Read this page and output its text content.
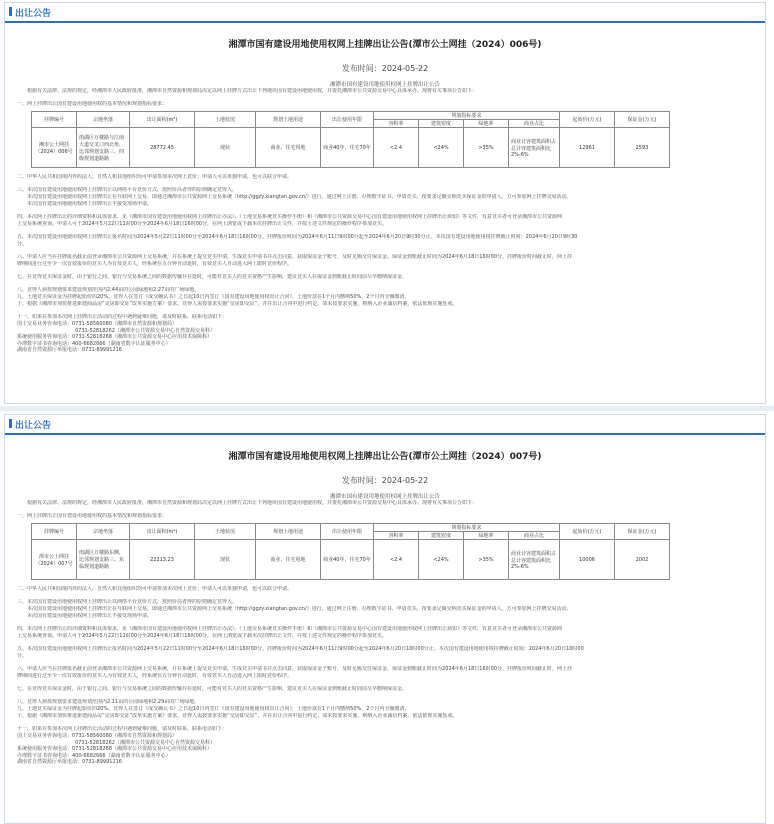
出让公告
湘潭市国有建设用地使用权网上挂牌出让公告(潭市公土网挂（2024）006号)
发布时间：2024-05-22
湘潭市国有建设用地使用权网上挂牌出让公告
根据有关法律、法规的规定，经湘潭市人民政府批准，湘潭市自然资源和规划局决定以网上挂牌方式出让下列地块国有建设用地使用权，并委托湘潭市公共资源交易中心具体承办。现将有关事项公告如下：
一、网上挂牌出让国有建设用地使用权的基本情况和规划指标要求：
挂牌编号	宗地坐落	出让面积(m²)	土地状况	规划土地用途	出让使用年限	规划指标要求				起始价(万元)	保证金(万元)
						容积率	建筑密度	绿地率	商业占比		
湘市公土网挂（2024）006号	雨湖区万楼路与江南大道交叉口西北角，比邻规划支路三、四级规划道路路	28772.45	现状	商业、住宅用地	商业40年，住宅70年	<2.4	<24%	>35%	商业计容建筑面积占总计容建筑面积比2%-6%	12961	2593
二、中华人民共和国境内外的法人、自然人和其他组织均可申请参加本次网上竞价；申请人可以单独申请，也可以联合申请。
三、本次国有建设用地使用权网上挂牌出让以网络平台竞价方式，按照价高者得的原则确定竞得人。
本次国有建设用地使用权网上挂牌出让在互联网上交易，即通过湘潭市公共资源网上交易系统（http://ggzy.xiangtan.gov.cn/）进行。通过网上注册、办理数字证书、申请竞买、按要求足额交纳竞买保证金的申请人，方可参加网上挂牌交易活动。
本次国有建设用地使用权网上挂牌出让不接受现场申请。
四、本次网上挂牌出让的详细资料和具体要求，见《湘潭市国有建设用地使用权网上挂牌出让办法》、《土地交易系统竞买操作手册》和《湘潭市公共资源交易中心国有建设用地使用权网上挂牌出让须知》等文件，有意竞买者可登录湘潭市公共资源网
上交易系统查询。申请人可于2024年5月22日11时00分至2024年6月18日16时00分，在网上浏览或下载本次挂牌出让文件，并按上述文件规定的操作程序参加竞买。
五、本次国有建设用地使用权网上挂牌出让报名时间为2024年5月22日11时00分至2024年6月18日16时00分。挂牌报价时间为2024年6月11日9时00分起至2024年6月20日9时30分止。本次国有建设用地使用权挂牌截止时间：2024年6月20日9时30
分。
六、申请人应当在挂牌报名截止前登录湘潭市公共资源网上交易系统，并在系统上提交竞买申请，生成竞买申请书并点击同意，获取保证金子账号，及时足额交付保证金。保证金到账截止时间为2024年6月18日16时00分。挂牌报价时间截止时，网上挂
牌期间进行过至少一次有效报价的竞买人为有效竞买人，经系统在五分钟自动延时，有效竞买人自动进入网上限时竞价程序。
七、在竞得竞买保证金时，由于银行之间、银行与交易系统之间的数据传输存在延时，可能对竞买人的竞买资格产生影响，建议竞买人在保证金到账截止时间前尽早缴纳保证金。
八、竞得人须按规划要求建设规划范围内2.44亩的公园绿地和2.27亩的广场绿地。
九、土地竞买保证金为挂牌起始价的20%。竞得人在签订《成交确认书》之日起10日内签订《国有建设用地使用权出让合同》，土地价款在1个月内缴纳50%，2个月内全额缴清。
十、根据《湘潭市加快推进新建商品房“交房即交证”改革实施方案》要求，竞得人需按要求实施“交房即交证”，并在出让合同中进行约定，如未按要求实施，则纳入企业诚信档案，依法依规实施惩戒。
十一、如果在参加本次网上挂牌出让活动的过程中遇到疑难问题，请及时联系，联系电话如下：
国土交易业务咨询电话：0731-58560080（湘潭市自然资源和规划局）
0731-52818262（湘潭市公共资源交易中心自然资源交易科）
系统使用服务咨询电话：0731-52818268（湘潭市公共资源交易中心应用技术保障科）
办理数字证书咨询电话：400-6682666（湖南省数字认证服务中心）
湖南省自然资源厅举报电话：0731-89991216
出让公告
湘潭市国有建设用地使用权网上挂牌出让公告(潭市公土网挂（2024）007号)
发布时间：2024-05-22
湘潭市国有建设用地使用权网上挂牌出让公告
根据有关法律、法规的规定，经湘潭市人民政府批准，湘潭市自然资源和规划局决定以网上挂牌方式出让下列地块国有建设用地使用权，并委托湘潭市公共资源交易中心具体承办。现将有关事项公告如下：
一、网上挂牌出让国有建设用地使用权的基本情况和规划指标要求：
挂牌编号	宗地坐落	出让面积(m²)	土地状况	规划土地用途	出让使用年限	规划指标要求				起始价(万元)	保证金(万元)
						容积率	建筑密度	绿地率	商业占比		
潭市公土网挂（2024）007号	雨湖区万楼路东侧，比邻规划支路三、东临规划道路路	22213.23	现状	商业、住宅用地	商业40年，住宅70年	<2.4	<24%	>35%	商业计容建筑面积占总计容建筑面积比2%-6%	10006	2002
二、中华人民共和国境内外的法人、自然人和其他组织均可申请参加本次网上竞价；申请人可以单独申请，也可以联合申请。
三、本次国有建设用地使用权网上挂牌出让以网络平台竞价方式，按照价高者得的原则确定竞得人。
本次国有建设用地使用权网上挂牌出让在互联网上交易，即通过湘潭市公共资源网上交易系统（http://ggzy.xiangtan.gov.cn/）进行。通过网上注册、办理数字证书、申请竞买、按要求足额交纳竞买保证金的申请人，方可参加网上挂牌交易活动。
本次国有建设用地使用权网上挂牌出让不接受现场申请。
四、本次网上挂牌出让的详细资料和具体要求，见《湘潭市国有建设用地使用权网上挂牌出让办法》、《土地交易系统竞买操作手册》和《湘潭市公共资源交易中心国有建设用地使用权网上挂牌出让须知》等文件，有意竞买者可登录湘潭市公共资源网
上交易系统查询。申请人可于2024年5月22日11时00分至2024年6月18日16时00分，在网上浏览或下载本次挂牌出让文件，并按上述文件规定的操作程序参加竞买。
五、本次国有建设用地使用权网上挂牌出让报名时间为2024年5月22日11时00分至2024年6月18日16时00分。挂牌报价时间为2024年6月11日9时00分起至2024年6月20日10时00分止。本次国有建设用地使用权挂牌截止时间：2024年6月20日10时00
分。
六、申请人应当在挂牌报名截止前登录湘潭市公共资源网上交易系统，并在系统上提交竞买申请，生成竞买申请书并点击同意，获取保证金子账号，及时足额交付保证金。保证金到账截止时间为2024年6月18日16时00分。挂牌报价时间截止时，网上挂
牌期间进行过至少一次有效报价的竞买人为有效竞买人，经系统在五分钟自动延时，有效竞买人自动进入网上限时竞价程序。
七、在竞得竞买保证金时，由于银行之间、银行与交易系统之间的数据传输存在延时，可能对竞买人的竞买资格产生影响，建议竞买人在保证金到账截止时间前尽早缴纳保证金。
八、竞得人须按规划要求建设规划范围内2.11亩的公园绿地和2.29亩的广场绿地。
九、土地竞买保证金为挂牌起始价的20%。竞得人在签订《成交确认书》之日起10日内签订《国有建设用地使用权出让合同》，土地价款在1个月内缴纳50%，2个月内全额缴清。
十、根据《湘潭市加快推进新建商品房“交房即交证”改革实施方案》要求，竞得人需按要求实施“交房即交证”，并在出让合同中进行约定，如未按要求实施，则纳入企业诚信档案，依法依规实施惩戒。
十一、如果在参加本次网上挂牌出让活动的过程中遇到疑难问题，请及时联系，联系电话如下：
国土交易业务咨询电话：0731-58560080（湘潭市自然资源和规划局）
0731-52818262（湘潭市公共资源交易中心自然资源交易科）
系统使用服务咨询电话：0731-52818268（湘潭市公共资源交易中心应用技术保障科）
办理数字证书咨询电话：400-6682666（湖南省数字认证服务中心）
湖南省自然资源厅举报电话：0731-89991216
